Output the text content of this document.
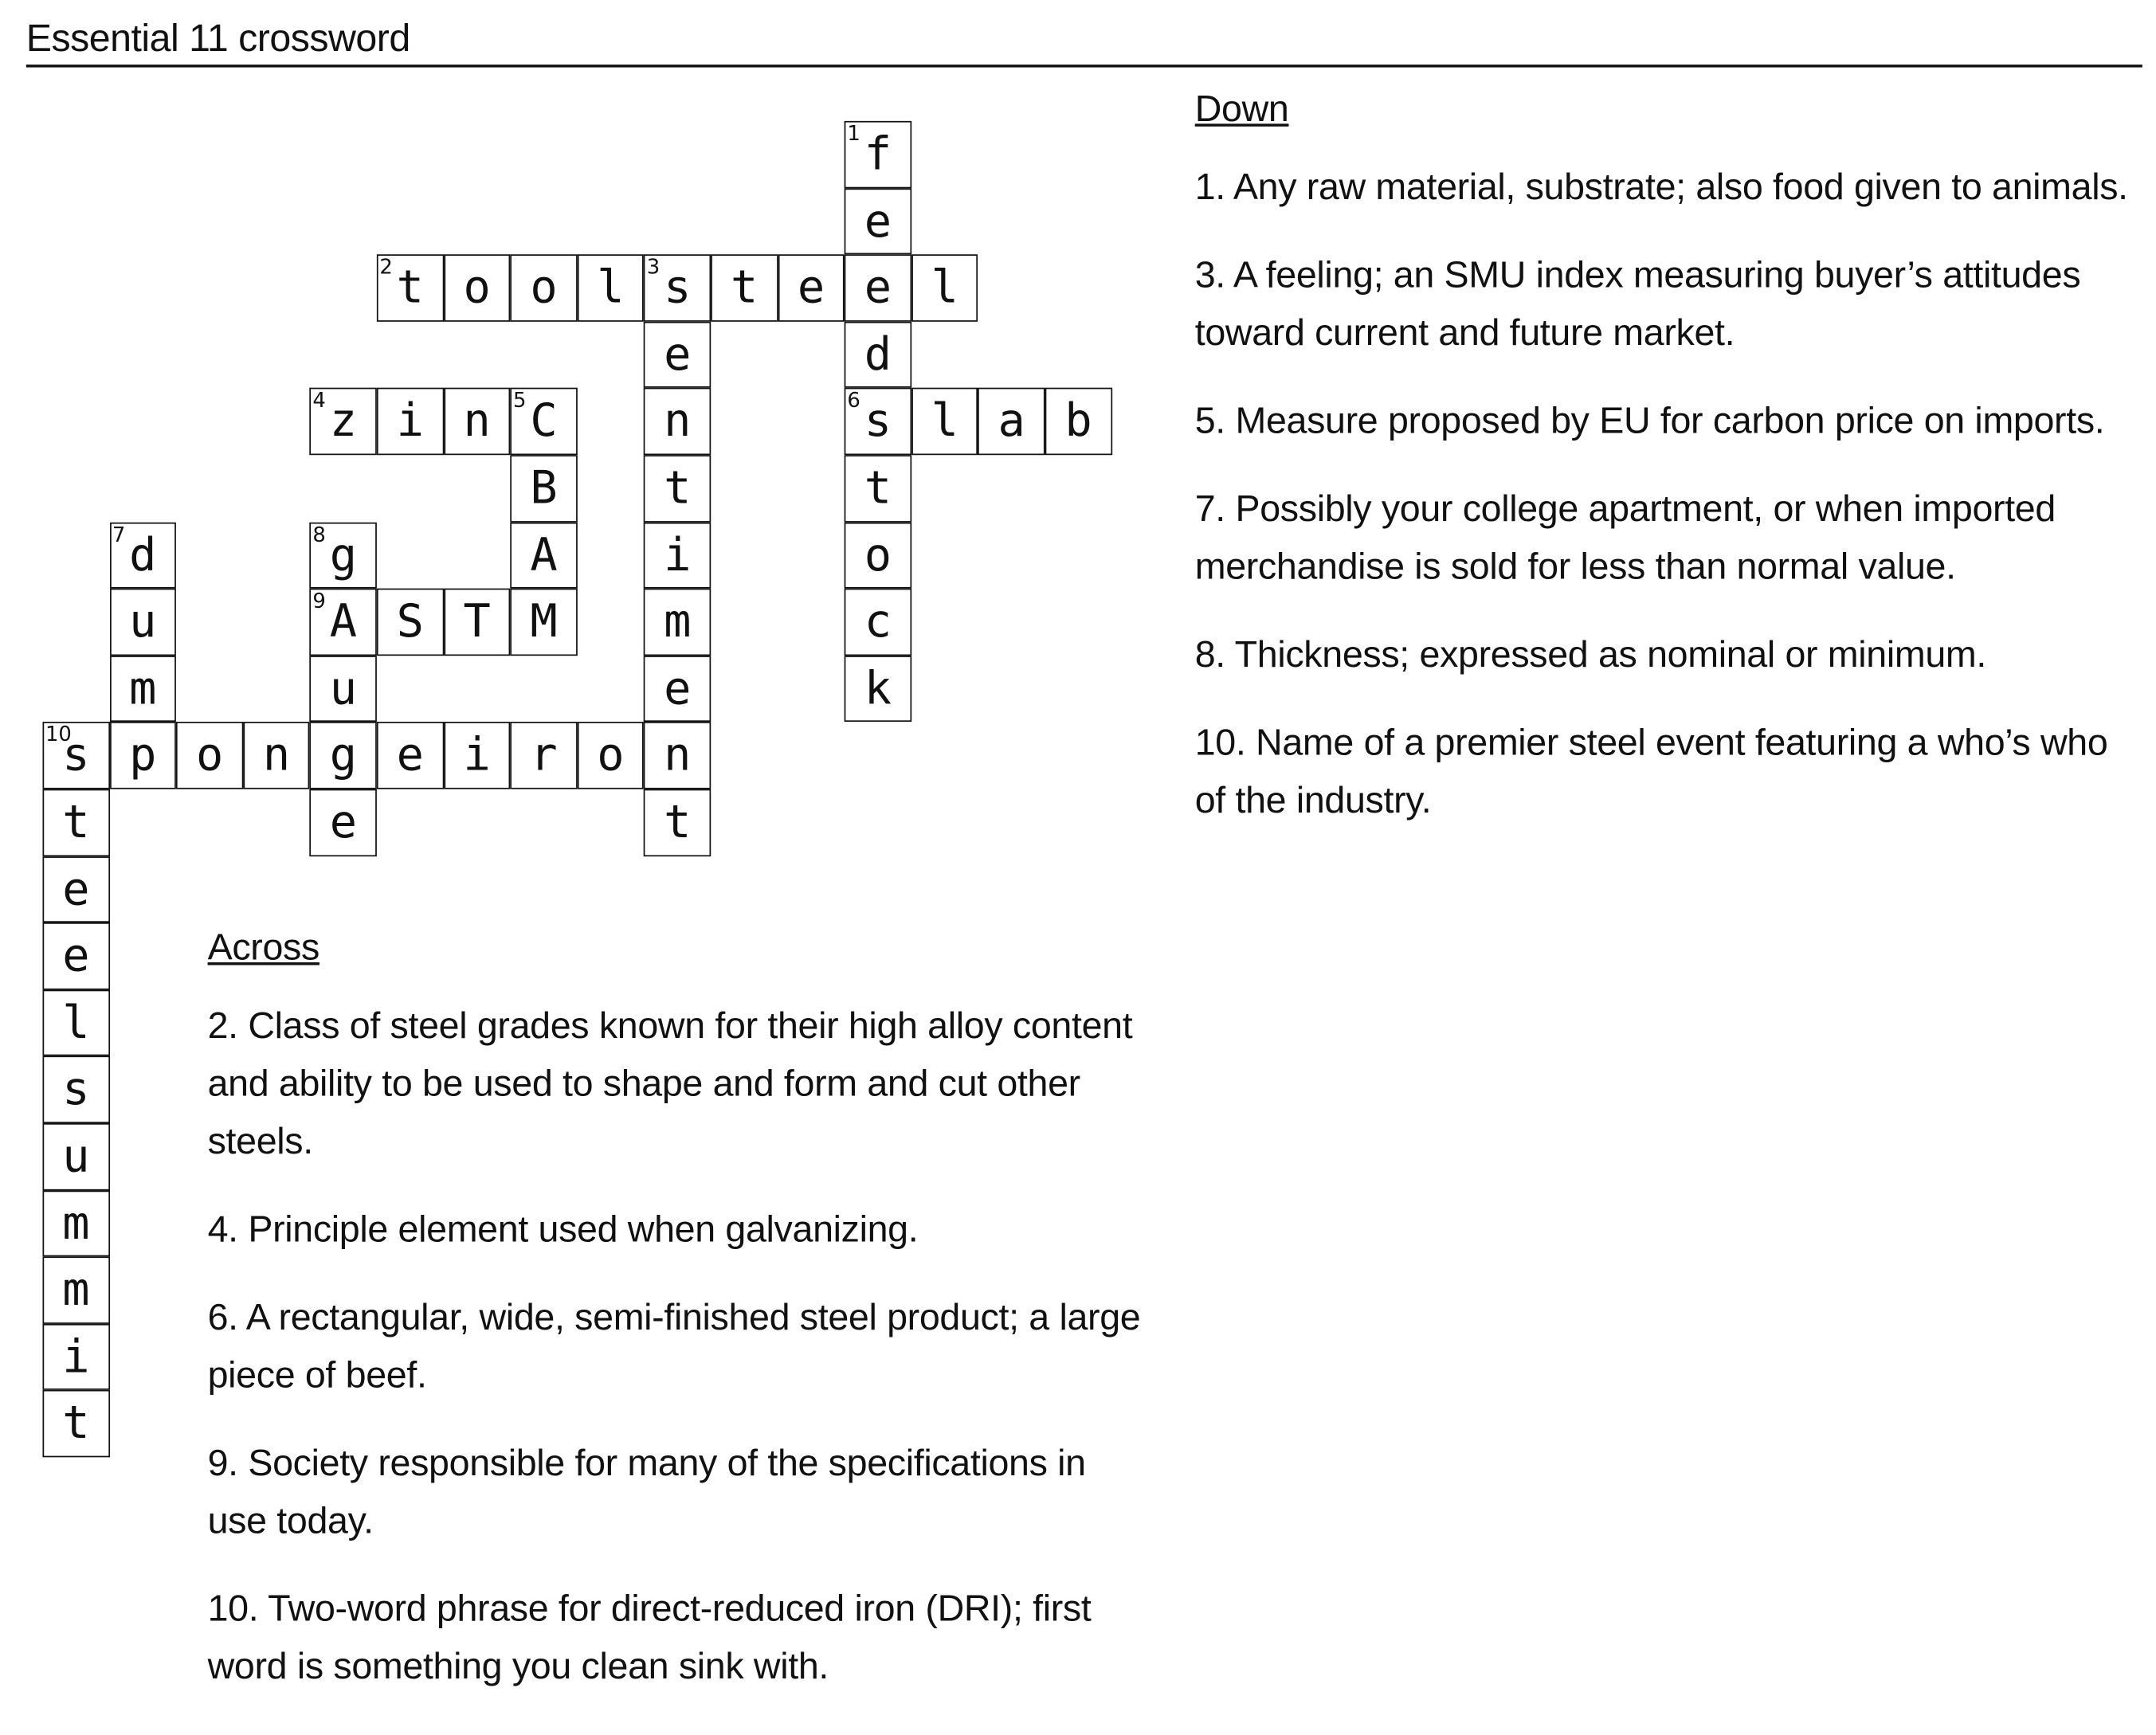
Essential 11 crossword
1 f
e
2 t	o	o	l	3 s	t	e	e	l
e	d
4 z	i	n	5 C	n	6 s	l	a	b
B	t	t
7 d	8 g	A	i	o
u	9 A	S	T	M	m	c
m	u	e	k
10
s	p	o	n	g	e	i	r	o	n
t	e	t
e
e
l
s
u
m
m
i
t
Across

2. Class of steel grades known for their high alloy content and ability to be used to shape and form and cut other steels.

4. Principle element used when galvanizing.

6. A rectangular, wide, semi-finished steel product; a large piece of beef.

9. Society responsible for many of the specifications in use today.

10. Two-word phrase for direct-reduced iron (DRI); first word is something you clean sink with.

Down

1. Any raw material, substrate; also food given to animals.

3. A feeling; an SMU index measuring buyer’s attitudes toward current and future market.

5. Measure proposed by EU for carbon price on imports.

7. Possibly your college apartment, or when imported merchandise is sold for less than normal value.

8. Thickness; expressed as nominal or minimum.

10. Name of a premier steel event featuring a who’s who of the industry.
